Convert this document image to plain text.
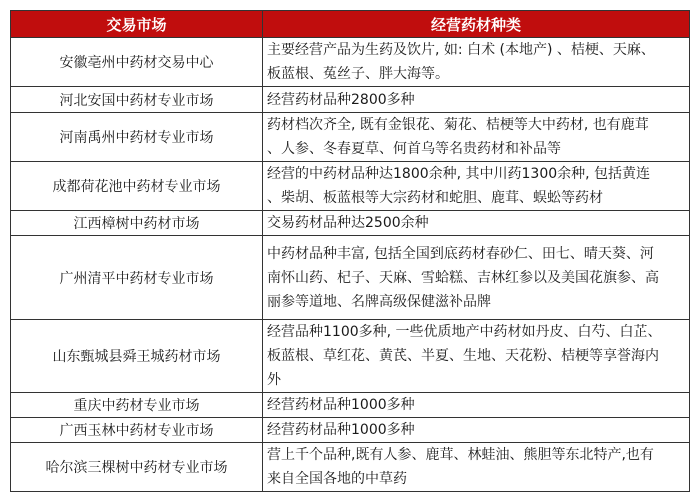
交易市场	经营药材种类
安徽亳州中药材交易中心	主要经营产品为生药及饮片, 如: 白术 (本地产) 、桔梗、天麻、
板蓝根、菟丝子、胖大海等。

河北安国中药材专业市场	经营药材品种2800多种

河南禹州中药材专业市场	药材档次齐全, 既有金银花、菊花、桔梗等大中药材, 也有鹿茸
、人参、冬春夏草、何首乌等名贵药材和补品等

成都荷花池中药材专业市场	经营的中药材品种达1800余种, 其中川药1300余种, 包括黄连
、柴胡、板蓝根等大宗药材和蛇胆、鹿茸、蜈蚣等药材

江西樟树中药材市场	交易药材品种达2500余种

广州清平中药材专业市场	中药材品种丰富, 包括全国到底药材春砂仁、田七、晴天葵、河
南怀山药、杞子、天麻、雪蛤糕、吉林红参以及美国花旗参、高
丽参等道地、名牌高级保健滋补品牌

山东甄城县舜王城药材市场	经营品种1100多种, 一些优质地产中药材如丹皮、白芍、白芷、
板蓝根、草红花、黄芪、半夏、生地、天花粉、桔梗等享誉海内
外

重庆中药材专业市场	经营药材品种1000多种

广西玉林中药材专业市场	经营药材品种1000多种

哈尔滨三棵树中药材专业市场	营上千个品种,既有人参、鹿茸、林蛙油、熊胆等东北特产,也有
来自全国各地的中草药
